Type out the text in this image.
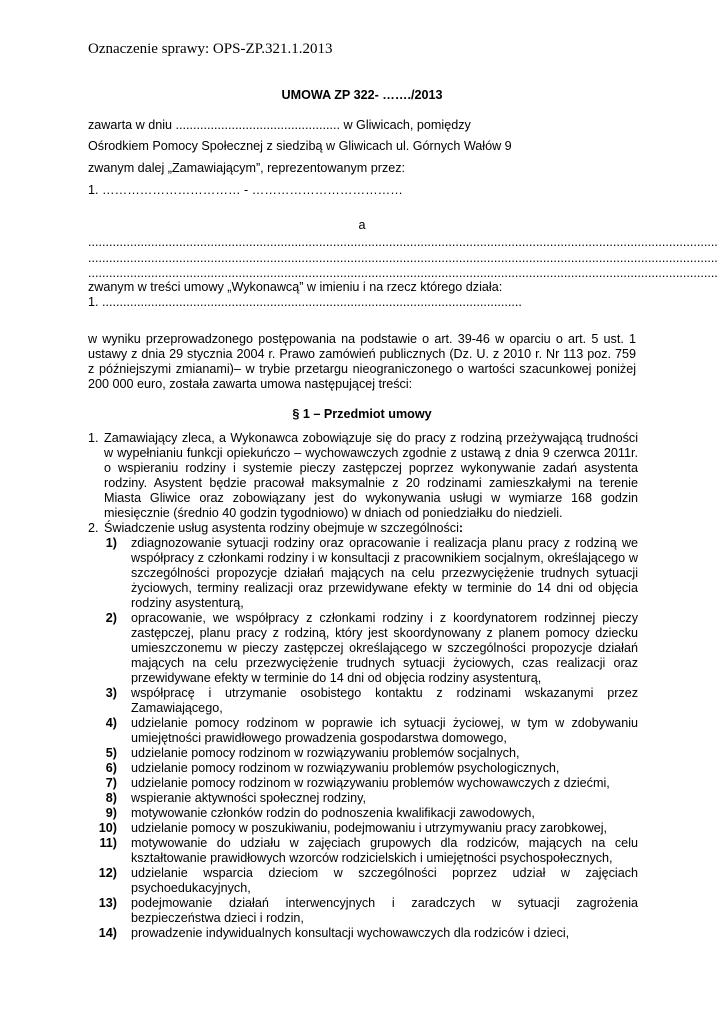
Oznaczenie sprawy: OPS-ZP.321.1.2013
UMOWA ZP 322- ……./2013
zawarta w dniu ............................................... w Gliwicach, pomiędzy
Ośrodkiem Pomocy Społecznej z siedzibą w Gliwicach ul. Górnych Wałów 9
zwanym dalej „Zamawiającym”, reprezentowanym przez:
1. …………………………… - ………………………………
a
....................................................................................................................................................................................
....................................................................................................................................................................................
....................................................................................................................................................................................
zwanym w treści umowy „Wykonawcą” w imieniu i na rzecz którego działa:
1. ........................................................................................................................
w wyniku przeprowadzonego postępowania na podstawie o art. 39-46 w oparciu o art. 5 ust. 1 ustawy z dnia 29 stycznia 2004 r. Prawo zamówień publicznych (Dz. U. z 2010 r. Nr 113 poz. 759 z późniejszymi zmianami)– w trybie przetargu nieograniczonego o wartości szacunkowej poniżej 200 000 euro, została zawarta umowa następującej treści:
§ 1 – Przedmiot umowy
1. Zamawiający zleca, a Wykonawca zobowiązuje się do pracy z rodziną przeżywającą trudności w wypełnianiu funkcji opiekuńczo – wychowawczych zgodnie z ustawą z dnia 9 czerwca 2011r. o wspieraniu rodziny i systemie pieczy zastępczej poprzez wykonywanie zadań asystenta rodziny. Asystent będzie pracował maksymalnie z 20 rodzinami zamieszkałymi na terenie Miasta Gliwice oraz zobowiązany jest do wykonywania usługi w wymiarze 168 godzin miesięcznie (średnio 40 godzin tygodniowo) w dniach od poniedziałku do niedzieli.
2. Świadczenie usług asystenta rodziny obejmuje w szczególności:
1) zdiagnozowanie sytuacji rodziny oraz opracowanie i realizacja planu pracy z rodziną we współpracy z członkami rodziny i w konsultacji z pracownikiem socjalnym, określającego w szczególności propozycje działań mających na celu przezwyciężenie trudnych sytuacji życiowych, terminy realizacji oraz przewidywane efekty w terminie do 14 dni od objęcia rodziny asystenturą,
2) opracowanie, we współpracy z członkami rodziny i z koordynatorem rodzinnej pieczy zastępczej, planu pracy z rodziną, który jest skoordynowany z planem pomocy dziecku umieszczonemu w pieczy zastępczej określającego w szczególności propozycje działań mających na celu przezwyciężenie trudnych sytuacji życiowych, czas realizacji oraz przewidywane efekty w terminie do 14 dni od objęcia rodziny asystenturą,
3) współpracę i utrzymanie osobistego kontaktu z rodzinami wskazanymi przez Zamawiającego,
4) udzielanie pomocy rodzinom w poprawie ich sytuacji życiowej, w tym w zdobywaniu umiejętności prawidłowego prowadzenia gospodarstwa domowego,
5) udzielanie pomocy rodzinom w rozwiązywaniu problemów socjalnych,
6) udzielanie pomocy rodzinom w rozwiązywaniu problemów psychologicznych,
7) udzielanie pomocy rodzinom w rozwiązywaniu problemów wychowawczych z dziećmi,
8) wspieranie aktywności społecznej rodziny,
9) motywowanie członków rodzin do podnoszenia kwalifikacji zawodowych,
10) udzielanie pomocy w poszukiwaniu, podejmowaniu i utrzymywaniu pracy zarobkowej,
11) motywowanie do udziału w zajęciach grupowych dla rodziców, mających na celu kształtowanie prawidłowych wzorców rodzicielskich i umiejętności psychospołecznych,
12) udzielanie wsparcia dzieciom w szczególności poprzez udział w zajęciach psychoedukacyjnych,
13) podejmowanie działań interwencyjnych i zaradczych w sytuacji zagrożenia bezpieczeństwa dzieci i rodzin,
14) prowadzenie indywidualnych konsultacji wychowawczych dla rodziców i dzieci,
